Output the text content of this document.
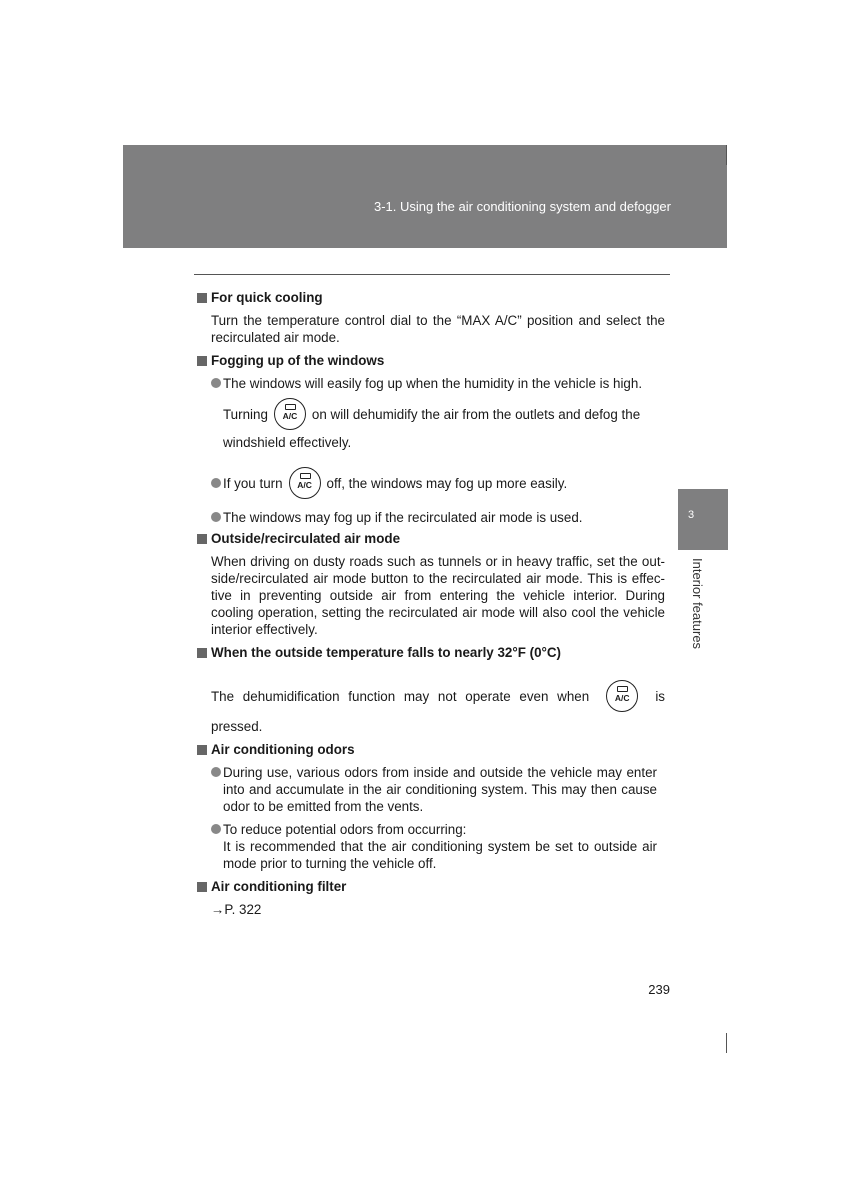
3-1. Using the air conditioning system and defogger
3
Interior features
For quick cooling
Turn the temperature control dial to the “MAX A/C” position and select the recirculated air mode.
Fogging up of the windows
The windows will easily fog up when the humidity in the vehicle is high.
Turning A/C on will dehumidify the air from the outlets and defog the
windshield effectively.
If you turn A/C off, the windows may fog up more easily.
The windows may fog up if the recirculated air mode is used.
Outside/recirculated air mode
When driving on dusty roads such as tunnels or in heavy traffic, set the out-side/recirculated air mode button to the recirculated air mode. This is effec-tive in preventing outside air from entering the vehicle interior. During cooling operation, setting the recirculated air mode will also cool the vehicle interior effectively.
When the outside temperature falls to nearly 32°F (0°C)
The dehumidification function may not operate even when	A/C is
pressed.
Air conditioning odors
During use, various odors from inside and outside the vehicle may enter into and accumulate in the air conditioning system. This may then cause odor to be emitted from the vents.
To reduce potential odors from occurring:
It is recommended that the air conditioning system be set to outside air mode prior to turning the vehicle off.
Air conditioning filter
→P. 322
239
